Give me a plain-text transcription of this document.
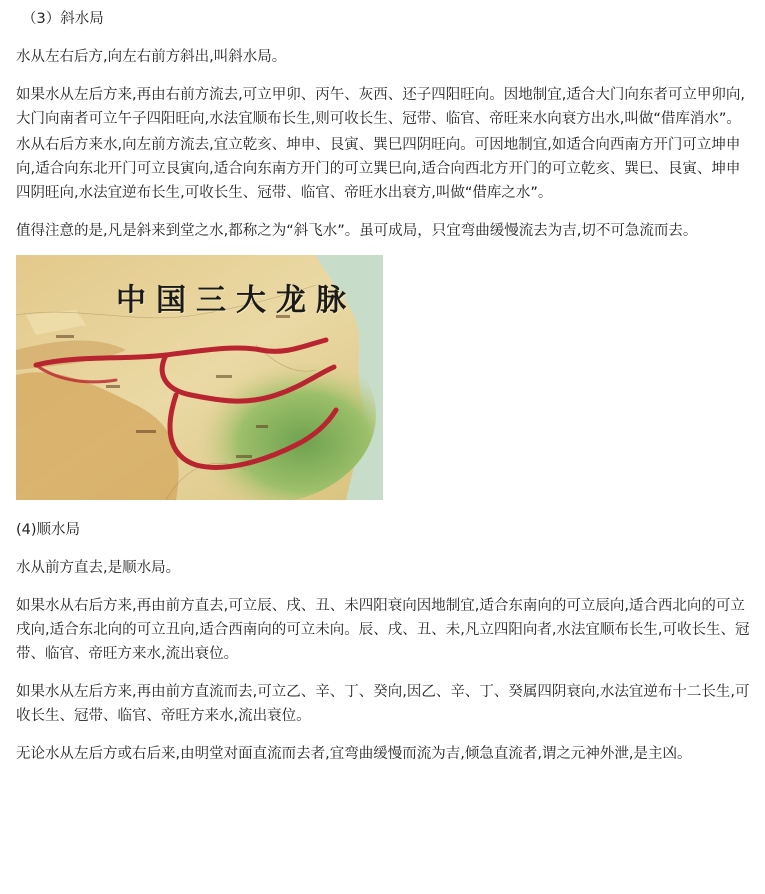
（3）斜水局

水从左右后方,向左右前方斜出,叫斜水局。

如果水从左后方来,再由右前方流去,可立甲卯、丙午、灰西、还子四阳旺向。因地制宜,适合大门向东者可立甲卯向,大门向南者可立午子四阳旺向,水法宜顺布长生,则可收长生、冠带、临官、帝旺来水向衰方出水,叫做“借库消水”。

水从右后方来水,向左前方流去,宜立乾亥、坤申、艮寅、巽巳四阴旺向。可因地制宜,如适合向西南方开门可立坤申向,适合向东北开门可立艮寅向,适合向东南方开门的可立巽巳向,适合向西北方开门的可立乾亥、巽巳、艮寅、坤申四阴旺向,水法宜逆布长生,可收长生、冠带、临官、帝旺水出衰方,叫做“借库之水”。

值得注意的是,凡是斜来到堂之水,都称之为“斜飞水”。虽可成局，只宜弯曲缓慢流去为吉,切不可急流而去。

中国三大龙脉

(4)顺水局

水从前方直去,是顺水局。

如果水从右后方来,再由前方直去,可立辰、戌、丑、未四阳衰向因地制宜,适合东南向的可立辰向,适合西北向的可立戌向,适合东北向的可立丑向,适合西南向的可立未向。辰、戌、丑、未,凡立四阳向者,水法宜顺布长生,可收长生、冠带、临官、帝旺方来水,流出衰位。

如果水从左后方来,再由前方直流而去,可立乙、辛、丁、癸向,因乙、辛、丁、癸属四阴衰向,水法宜逆布十二长生,可收长生、冠带、临官、帝旺方来水,流出衰位。

无论水从左后方或右后来,由明堂对面直流而去者,宜弯曲缓慢而流为吉,倾急直流者,谓之元神外泄,是主凶。
